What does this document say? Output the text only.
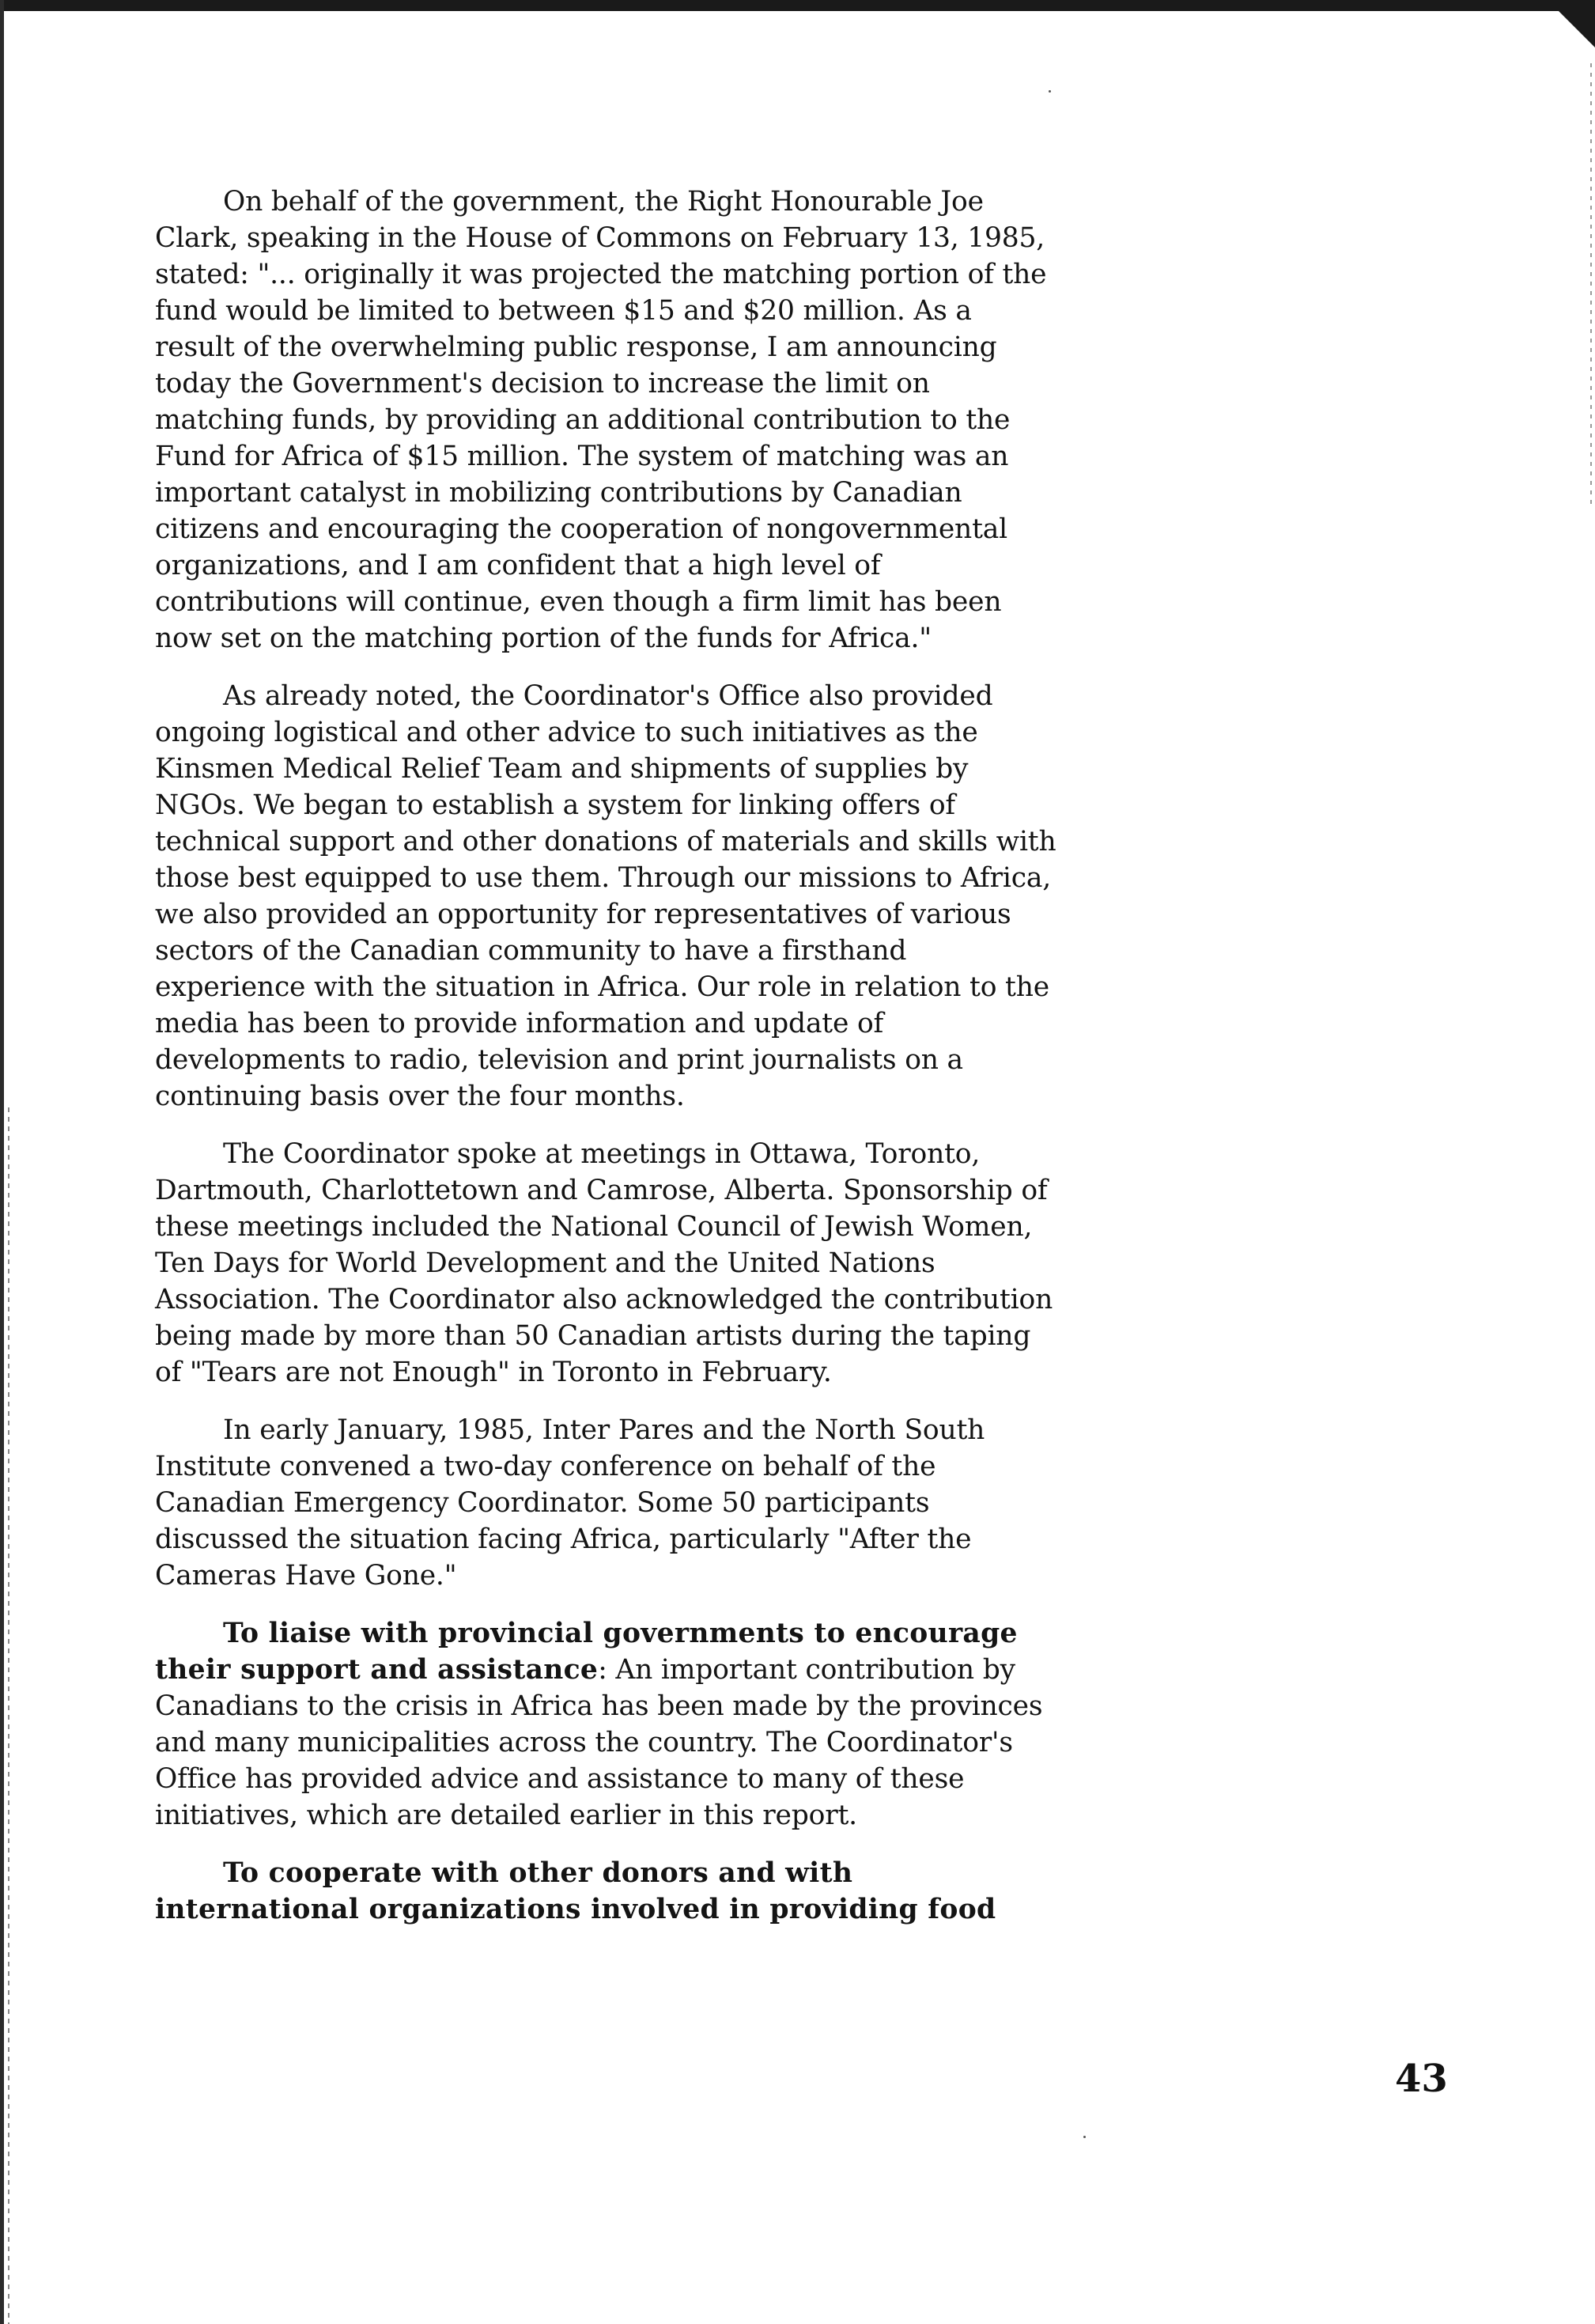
On behalf of the government, the Right Honourable Joe Clark, speaking in the House of Commons on February 13, 1985, stated: "... originally it was projected the matching portion of the fund would be limited to between $15 and $20 million. As a result of the overwhelming public response, I am announcing today the Government's decision to increase the limit on matching funds, by providing an additional contribution to the Fund for Africa of $15 million. The system of matching was an important catalyst in mobilizing contributions by Canadian citizens and encouraging the cooperation of nongovernmental organizations, and I am confident that a high level of contributions will continue, even though a firm limit has been now set on the matching portion of the funds for Africa."

As already noted, the Coordinator's Office also provided ongoing logistical and other advice to such initiatives as the Kinsmen Medical Relief Team and shipments of supplies by NGOs. We began to establish a system for linking offers of technical support and other donations of materials and skills with those best equipped to use them. Through our missions to Africa, we also provided an opportunity for representatives of various sectors of the Canadian community to have a firsthand experience with the situation in Africa. Our role in relation to the media has been to provide information and update of developments to radio, television and print journalists on a continuing basis over the four months.

The Coordinator spoke at meetings in Ottawa, Toronto, Dartmouth, Charlottetown and Camrose, Alberta. Sponsorship of these meetings included the National Council of Jewish Women, Ten Days for World Development and the United Nations Association. The Coordinator also acknowledged the contribution being made by more than 50 Canadian artists during the taping of "Tears are not Enough" in Toronto in February.

In early January, 1985, Inter Pares and the North South Institute convened a two-day conference on behalf of the Canadian Emergency Coordinator. Some 50 participants discussed the situation facing Africa, particularly "After the Cameras Have Gone."

To liaise with provincial governments to encourage their support and assistance: An important contribution by Canadians to the crisis in Africa has been made by the provinces and many municipalities across the country. The Coordinator's Office has provided advice and assistance to many of these initiatives, which are detailed earlier in this report.

To cooperate with other donors and with international organizations involved in providing food

43
